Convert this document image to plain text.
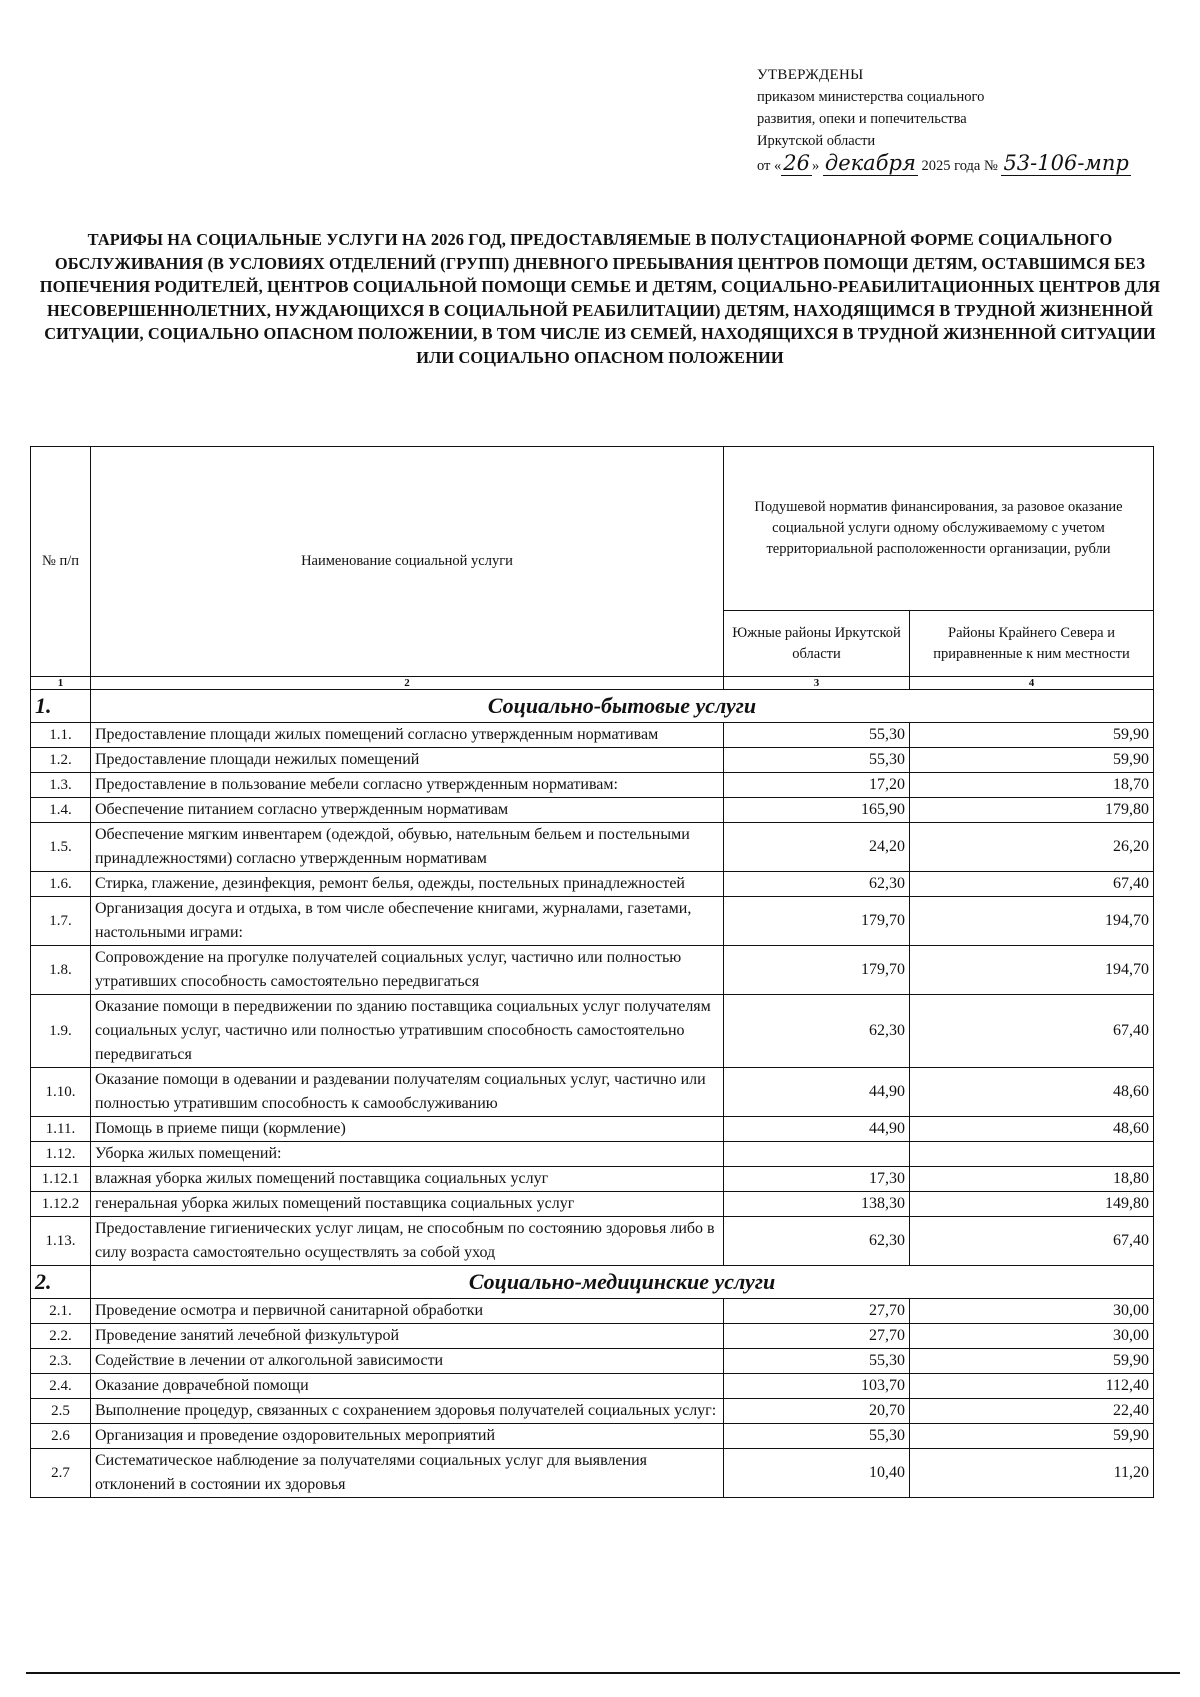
УТВЕРЖДЕНЫ
приказом министерства социального
развития, опеки и попечительства
Иркутской области
от «26 » декабря 2025 года № 53-106-мпр
ТАРИФЫ НА СОЦИАЛЬНЫЕ УСЛУГИ НА 2026 ГОД, ПРЕДОСТАВЛЯЕМЫЕ В ПОЛУСТАЦИОНАРНОЙ ФОРМЕ СОЦИАЛЬНОГО ОБСЛУЖИВАНИЯ (В УСЛОВИЯХ ОТДЕЛЕНИЙ (ГРУПП) ДНЕВНОГО ПРЕБЫВАНИЯ ЦЕНТРОВ ПОМОЩИ ДЕТЯМ, ОСТАВШИМСЯ БЕЗ ПОПЕЧЕНИЯ РОДИТЕЛЕЙ, ЦЕНТРОВ СОЦИАЛЬНОЙ ПОМОЩИ СЕМЬЕ И ДЕТЯМ, СОЦИАЛЬНО-РЕАБИЛИТАЦИОННЫХ ЦЕНТРОВ ДЛЯ НЕСОВЕРШЕННОЛЕТНИХ, НУЖДАЮЩИХСЯ В СОЦИАЛЬНОЙ РЕАБИЛИТАЦИИ) ДЕТЯМ, НАХОДЯЩИМСЯ В ТРУДНОЙ ЖИЗНЕННОЙ СИТУАЦИИ, СОЦИАЛЬНО ОПАСНОМ ПОЛОЖЕНИИ, В ТОМ ЧИСЛЕ ИЗ СЕМЕЙ, НАХОДЯЩИХСЯ В ТРУДНОЙ ЖИЗНЕННОЙ СИТУАЦИИ ИЛИ СОЦИАЛЬНО ОПАСНОМ ПОЛОЖЕНИИ
№ п/п	Наименование социальной услуги	Подушевой норматив финансирования, за разовое оказание социальной услуги одному обслуживаемому с учетом территориальной расположенности организации, рубли	
		Южные районы Иркутской области	Районы Крайнего Севера и приравненные к ним местности
1	2	3	4
1.	Социально-бытовые услуги		
1.1.	Предоставление площади жилых помещений согласно утвержденным нормативам	55,30	59,90
1.2.	Предоставление площади нежилых помещений	55,30	59,90
1.3.	Предоставление в пользование мебели согласно утвержденным нормативам:	17,20	18,70
1.4.	Обеспечение питанием согласно утвержденным нормативам	165,90	179,80
1.5.	Обеспечение мягким инвентарем (одеждой, обувью, нательным бельем и постельными принадлежностями) согласно утвержденным нормативам	24,20	26,20
1.6.	Стирка, глажение, дезинфекция, ремонт белья, одежды, постельных принадлежностей	62,30	67,40
1.7.	Организация досуга и отдыха, в том числе обеспечение книгами, журналами, газетами, настольными играми:	179,70	194,70
1.8.	Сопровождение на прогулке получателей социальных услуг, частично или полностью утративших способность самостоятельно передвигаться	179,70	194,70
1.9.	Оказание помощи в передвижении по зданию поставщика социальных услуг получателям социальных услуг, частично или полностью утратившим способность самостоятельно передвигаться	62,30	67,40
1.10.	Оказание помощи в одевании и раздевании получателям социальных услуг, частично или полностью утратившим способность к самообслуживанию	44,90	48,60
1.11.	Помощь в приеме пищи (кормление)	44,90	48,60
1.12.	Уборка жилых помещений:		
1.12.1	влажная уборка жилых помещений поставщика социальных услуг	17,30	18,80
1.12.2	генеральная уборка жилых помещений поставщика социальных услуг	138,30	149,80
1.13.	Предоставление гигиенических услуг лицам, не способным по состоянию здоровья либо в силу возраста самостоятельно осуществлять за собой уход	62,30	67,40
2.	Социально-медицинские услуги		
2.1.	Проведение осмотра и первичной санитарной обработки	27,70	30,00
2.2.	Проведение занятий лечебной физкультурой	27,70	30,00
2.3.	Содействие в лечении от алкогольной зависимости	55,30	59,90
2.4.	Оказание доврачебной помощи	103,70	112,40
2.5	Выполнение процедур, связанных с сохранением здоровья получателей социальных услуг:	20,70	22,40
2.6	Организация и проведение оздоровительных мероприятий	55,30	59,90
2.7	Систематическое наблюдение за получателями социальных услуг для выявления отклонений в состоянии их здоровья	10,40	11,20
